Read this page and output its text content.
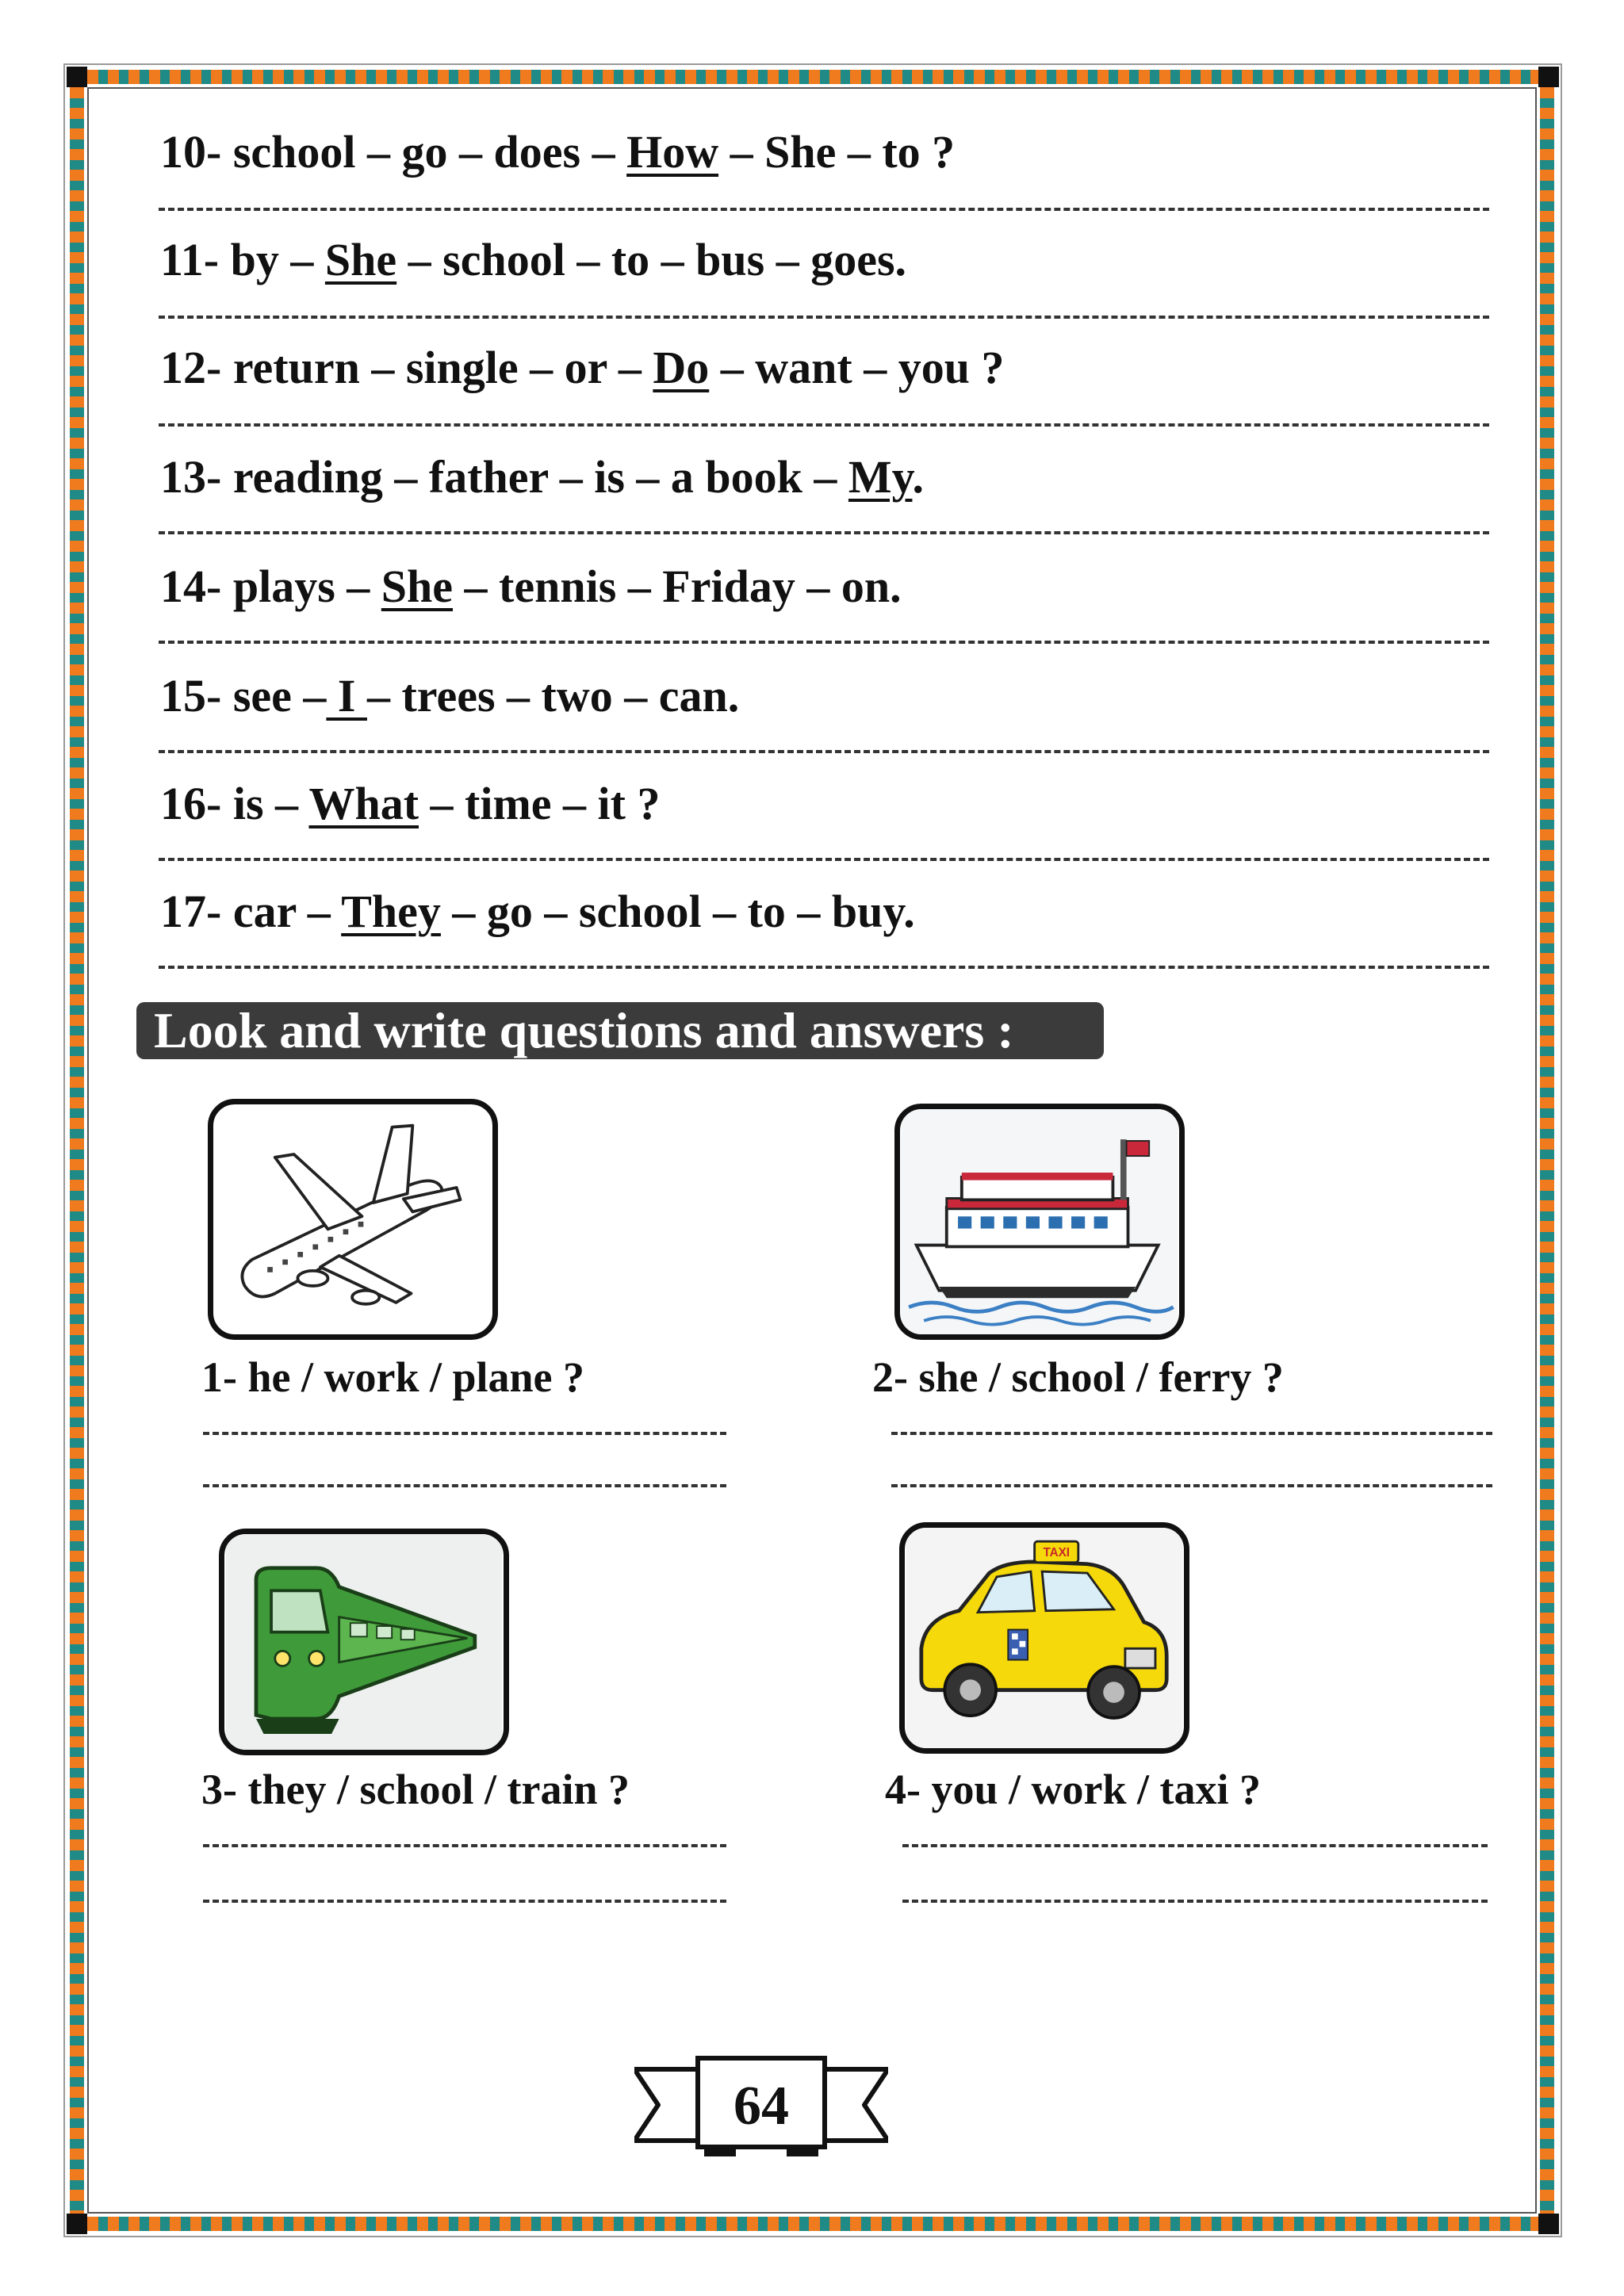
10- school – go – does – How – She – to ?
11- by – She – school – to – bus – goes.
12- return – single – or – Do – want – you ?
13- reading – father – is – a book – My.
14- plays – She – tennis – Friday – on.
15- see – I – trees – two – can.
16- is – What – time – it ?
17- car – They – go – school – to – buy.
Look and write questions and answers :
1- he / work / plane ?	2- she / school / ferry ?
TAXI
3- they / school / train ?	4- you / work / taxi ?
64
